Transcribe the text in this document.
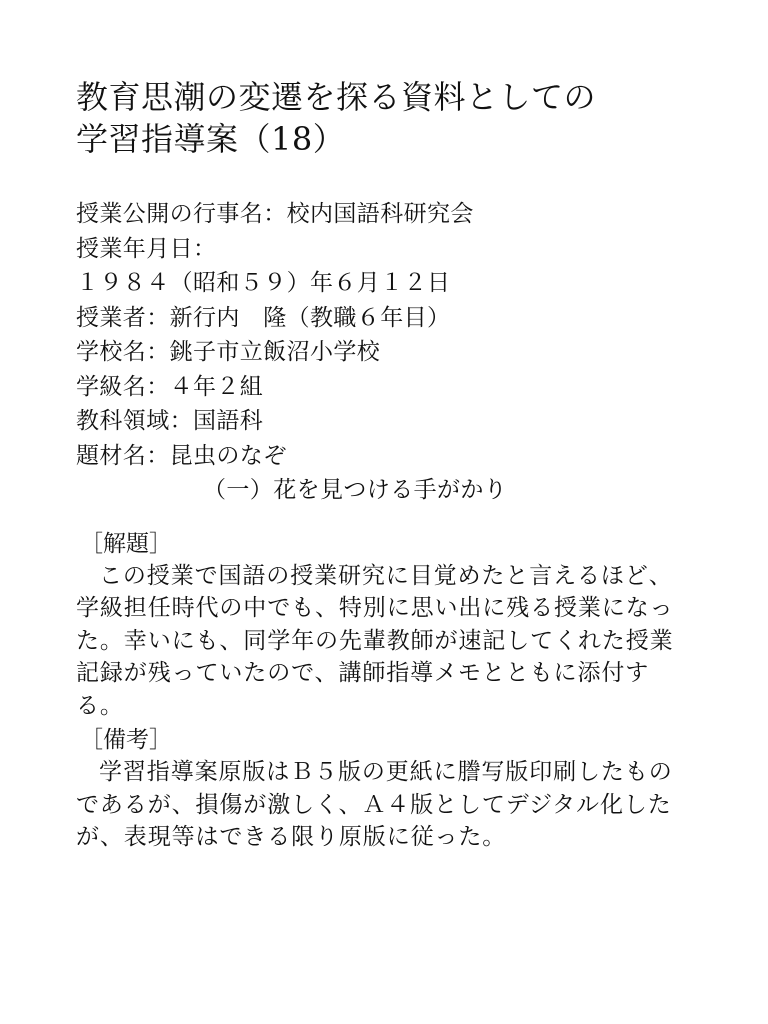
教育思潮の変遷を探る資料としての
学習指導案（18）
授業公開の行事名：校内国語科研究会
授業年月日：
１９８４（昭和５９）年６月１２日
授業者：新行内　隆（教職６年目）
学校名：銚子市立飯沼小学校
学級名：４年２組
教科領域：国語科
題材名：昆虫のなぞ
（一）花を見つける手がかり
［解題］

この授業で国語の授業研究に目覚めたと言えるほど、学級担任時代の中でも、特別に思い出に残る授業になった。幸いにも、同学年の先輩教師が速記してくれた授業記録が残っていたので、講師指導メモとともに添付する。

［備考］

学習指導案原版はＢ５版の更紙に謄写版印刷したものであるが、損傷が激しく、Ａ４版としてデジタル化したが、表現等はできる限り原版に従った。
